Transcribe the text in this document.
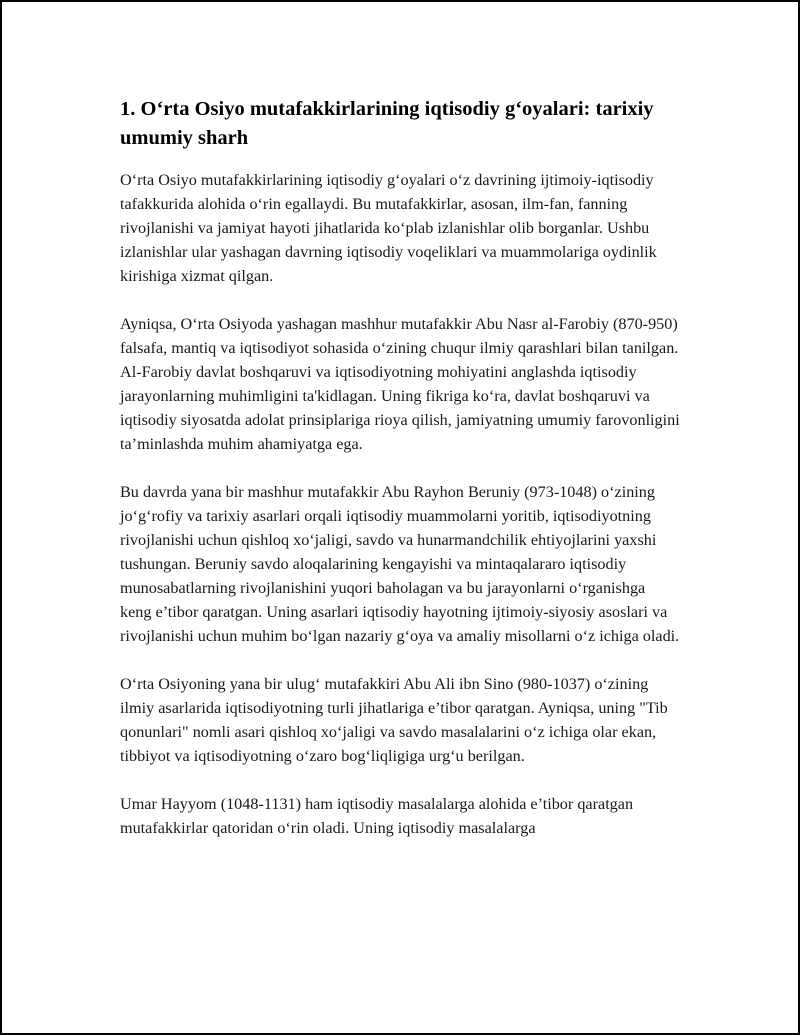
1. O‘rta Osiyo mutafakkirlarining iqtisodiy g‘oyalari: tarixiy umumiy sharh

O‘rta Osiyo mutafakkirlarining iqtisodiy g‘oyalari o‘z davrining ijtimoiy-iqtisodiy tafakkurida alohida o‘rin egallaydi. Bu mutafakkirlar, asosan, ilm-fan, fanning rivojlanishi va jamiyat hayoti jihatlarida ko‘plab izlanishlar olib borganlar. Ushbu izlanishlar ular yashagan davrning iqtisodiy voqeliklari va muammolariga oydinlik kirishiga xizmat qilgan.

Ayniqsa, O‘rta Osiyoda yashagan mashhur mutafakkir Abu Nasr al-Farobiy (870-950) falsafa, mantiq va iqtisodiyot sohasida o‘zining chuqur ilmiy qarashlari bilan tanilgan. Al-Farobiy davlat boshqaruvi va iqtisodiyotning mohiyatini anglashda iqtisodiy jarayonlarning muhimligini ta'kidlagan. Uning fikriga ko‘ra, davlat boshqaruvi va iqtisodiy siyosatda adolat prinsiplariga rioya qilish, jamiyatning umumiy farovonligini ta’minlashda muhim ahamiyatga ega.

Bu davrda yana bir mashhur mutafakkir Abu Rayhon Beruniy (973-1048) o‘zining jo‘g‘rofiy va tarixiy asarlari orqali iqtisodiy muammolarni yoritib, iqtisodiyotning rivojlanishi uchun qishloq xo‘jaligi, savdo va hunarmandchilik ehtiyojlarini yaxshi tushungan. Beruniy savdo aloqalarining kengayishi va mintaqalararo iqtisodiy munosabatlarning rivojlanishini yuqori baholagan va bu jarayonlarni o‘rganishga keng e’tibor qaratgan. Uning asarlari iqtisodiy hayotning ijtimoiy-siyosiy asoslari va rivojlanishi uchun muhim bo‘lgan nazariy g‘oya va amaliy misollarni o‘z ichiga oladi.

O‘rta Osiyoning yana bir ulug‘ mutafakkiri Abu Ali ibn Sino (980-1037) o‘zining ilmiy asarlarida iqtisodiyotning turli jihatlariga e’tibor qaratgan. Ayniqsa, uning "Tib qonunlari" nomli asari qishloq xo‘jaligi va savdo masalalarini o‘z ichiga olar ekan, tibbiyot va iqtisodiyotning o‘zaro bog‘liqligiga urg‘u berilgan.

Umar Hayyom (1048-1131) ham iqtisodiy masalalarga alohida e’tibor qaratgan mutafakkirlar qatoridan o‘rin oladi. Uning iqtisodiy masalalarga
